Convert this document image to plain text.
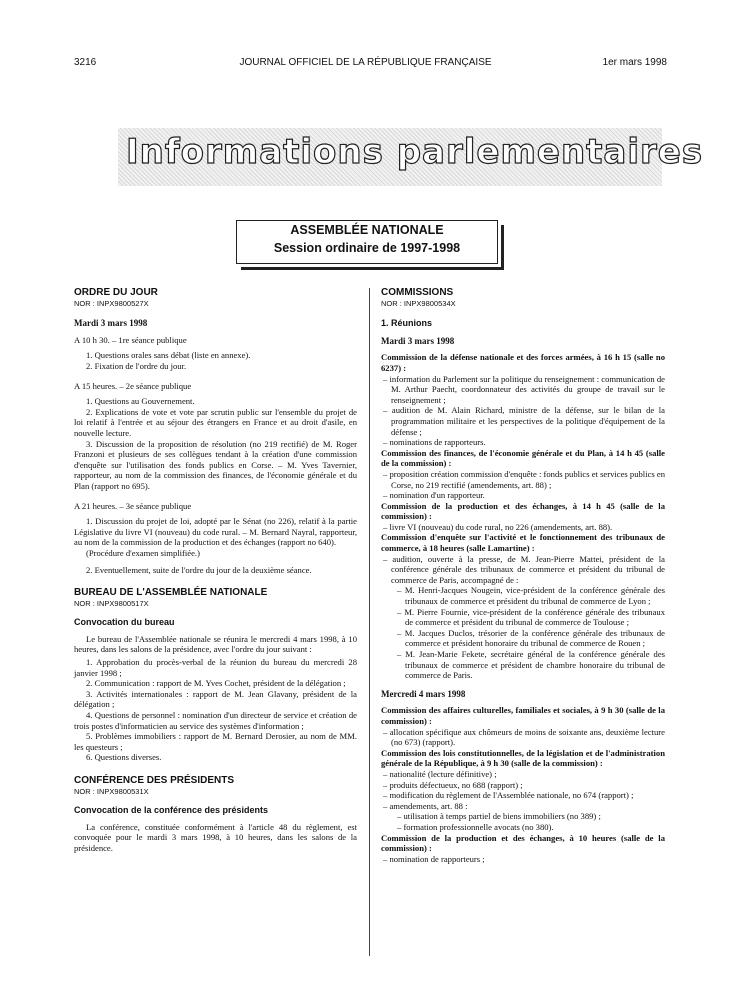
3216	JOURNAL OFFICIEL DE LA RÉPUBLIQUE FRANÇAISE	1er mars 1998
Informations parlementaires
ASSEMBLÉE NATIONALE
Session ordinaire de 1997-1998

ORDRE DU JOUR

NOR : INPX9800527X

Mardi 3 mars 1998

A 10 h 30. – 1re séance publique

1. Questions orales sans débat (liste en annexe).

2. Fixation de l'ordre du jour.

A 15 heures. – 2e séance publique

1. Questions au Gouvernement.

2. Explications de vote et vote par scrutin public sur l'ensemble du projet de loi relatif à l'entrée et au séjour des étrangers en France et au droit d'asile, en nouvelle lecture.

3. Discussion de la proposition de résolution (no 219 rectifié) de M. Roger Franzoni et plusieurs de ses collègues tendant à la création d'une commission d'enquête sur l'utilisation des fonds publics en Corse. – M. Yves Tavernier, rapporteur, au nom de la commission des finances, de l'économie générale et du Plan (rapport no 695).

A 21 heures. – 3e séance publique

1. Discussion du projet de loi, adopté par le Sénat (no 226), relatif à la partie Législative du livre VI (nouveau) du code rural. – M. Bernard Nayral, rapporteur, au nom de la commission de la production et des échanges (rapport no 640).

(Procédure d'examen simplifiée.)

2. Eventuellement, suite de l'ordre du jour de la deuxième séance.

BUREAU DE L'ASSEMBLÉE NATIONALE

NOR : INPX9800517X

Convocation du bureau

Le bureau de l'Assemblée nationale se réunira le mercredi 4 mars 1998, à 10 heures, dans les salons de la présidence, avec l'ordre du jour suivant :

1. Approbation du procès-verbal de la réunion du bureau du mercredi 28 janvier 1998 ;

2. Communication : rapport de M. Yves Cochet, président de la délégation ;

3. Activités internationales : rapport de M. Jean Glavany, président de la délégation ;

4. Questions de personnel : nomination d'un directeur de service et création de trois postes d'informaticien au service des systèmes d'information ;

5. Problèmes immobiliers : rapport de M. Bernard Derosier, au nom de MM. les questeurs ;

6. Questions diverses.

CONFÉRENCE DES PRÉSIDENTS

NOR : INPX9800531X

Convocation de la conférence des présidents

La conférence, constituée conformément à l'article 48 du règlement, est convoquée pour le mardi 3 mars 1998, à 10 heures, dans les salons de la présidence.

COMMISSIONS

NOR : INPX9800534X

1. Réunions

Mardi 3 mars 1998

Commission de la défense nationale et des forces armées, à 16 h 15 (salle no 6237) :

– information du Parlement sur la politique du renseignement : communication de M. Arthur Paecht, coordonnateur des activités du groupe de travail sur le renseignement ;

– audition de M. Alain Richard, ministre de la défense, sur le bilan de la programmation militaire et les perspectives de la politique d'équipement de la défense ;

– nominations de rapporteurs.

Commission des finances, de l'économie générale et du Plan, à 14 h 45 (salle de la commission) :

– proposition création commission d'enquête : fonds publics et services publics en Corse, no 219 rectifié (amendements, art. 88) ;

– nomination d'un rapporteur.

Commission de la production et des échanges, à 14 h 45 (salle de la commission) :

– livre VI (nouveau) du code rural, no 226 (amendements, art. 88).

Commission d'enquête sur l'activité et le fonctionnement des tribunaux de commerce, à 18 heures (salle Lamartine) :

– audition, ouverte à la presse, de M. Jean-Pierre Mattei, président de la conférence générale des tribunaux de commerce et président du tribunal de commerce de Paris, accompagné de :

– M. Henri-Jacques Nougein, vice-président de la conférence générale des tribunaux de commerce et président du tribunal de commerce de Lyon ;

– M. Pierre Fournie, vice-président de la conférence générale des tribunaux de commerce et président du tribunal de commerce de Toulouse ;

– M. Jacques Duclos, trésorier de la conférence générale des tribunaux de commerce et président honoraire du tribunal de commerce de Rouen ;

– M. Jean-Marie Fekete, secrétaire général de la conférence générale des tribunaux de commerce et président de chambre honoraire du tribunal de commerce de Paris.

Mercredi 4 mars 1998

Commission des affaires culturelles, familiales et sociales, à 9 h 30 (salle de la commission) :

– allocation spécifique aux chômeurs de moins de soixante ans, deuxième lecture (no 673) (rapport).

Commission des lois constitutionnelles, de la législation et de l'administration générale de la République, à 9 h 30 (salle de la commission) :

– nationalité (lecture définitive) ;

– produits défectueux, no 688 (rapport) ;

– modification du règlement de l'Assemblée nationale, no 674 (rapport) ;

– amendements, art. 88 :

– utilisation à temps partiel de biens immobiliers (no 389) ;

– formation professionnelle avocats (no 380).

Commission de la production et des échanges, à 10 heures (salle de la commission) :

– nomination de rapporteurs ;
